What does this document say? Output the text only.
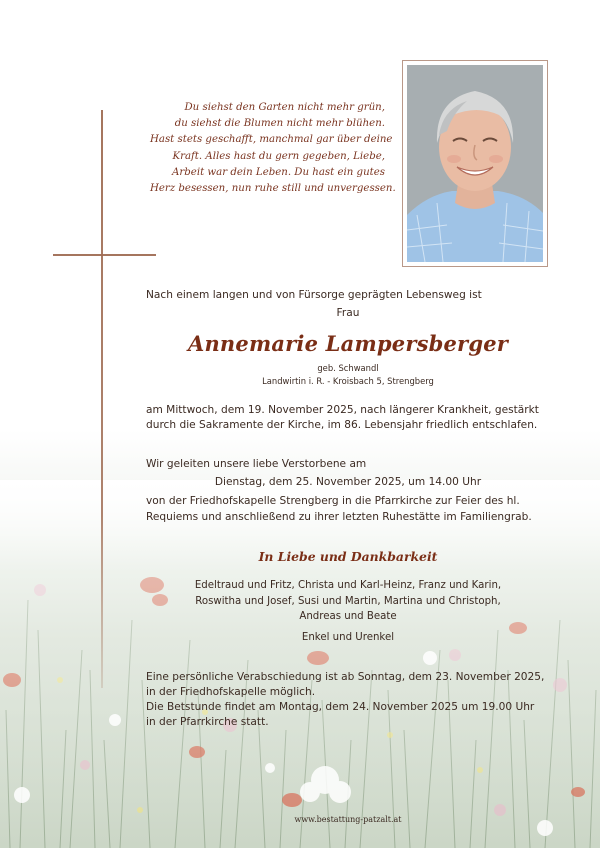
Du siehst den Garten nicht mehr grün,
du siehst die Blumen nicht mehr blühen.
Hast stets geschafft, manchmal gar über deine
Kraft. Alles hast du gern gegeben, Liebe,
Arbeit war dein Leben. Du hast ein gutes
Herz besessen, nun ruhe still und unvergessen.
Nach einem langen und von Fürsorge geprägten Lebensweg ist
Frau
Annemarie Lampersberger
geb. Schwandl
Landwirtin i. R. - Kroisbach 5, Strengberg
am Mittwoch, dem 19. November 2025, nach längerer Krankheit, gestärkt
durch die Sakramente der Kirche, im 86. Lebensjahr friedlich entschlafen.
Wir geleiten unsere liebe Verstorbene am
Dienstag, dem 25. November 2025, um 14.00 Uhr
von der Friedhofskapelle Strengberg in die Pfarrkirche zur Feier des hl.
Requiems und anschließend zu ihrer letzten Ruhestätte im Familiengrab.
In Liebe und Dankbarkeit
Edeltraud und Fritz, Christa und Karl-Heinz, Franz und Karin,
Roswitha und Josef, Susi und Martin, Martina und Christoph,
Andreas und Beate
Enkel und Urenkel
Eine persönliche Verabschiedung ist ab Sonntag, dem 23. November 2025,
in der Friedhofskapelle möglich.
Die Betstunde findet am Montag, dem 24. November 2025 um 19.00 Uhr
in der Pfarrkirche statt.
www.bestattung-patzalt.at
